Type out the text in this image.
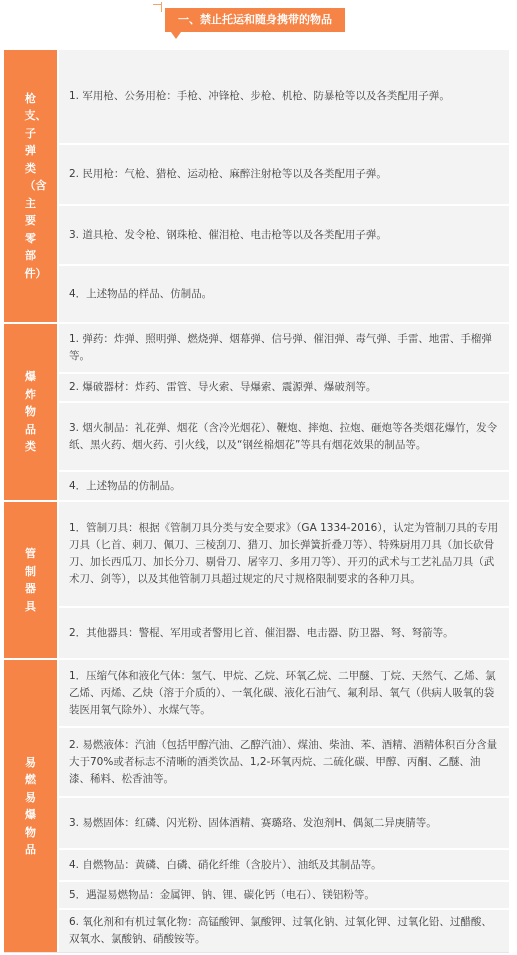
一、禁止托运和随身携带的物品
枪支、子弹类（含主要零部件）
1. 军用枪、公务用枪：手枪、冲锋枪、步枪、机枪、防暴枪等以及各类配用子弹。
2. 民用枪：气枪、猎枪、运动枪、麻醉注射枪等以及各类配用子弹。
3. 道具枪、发令枪、钢珠枪、催泪枪、电击枪等以及各类配用子弹。
4．上述物品的样品、仿制品。
爆炸物品类
1. 弹药：炸弹、照明弹、燃烧弹、烟幕弹、信号弹、催泪弹、毒气弹、手雷、地雷、手榴弹等。
2. 爆破器材：炸药、雷管、导火索、导爆索、震源弹、爆破剂等。
3. 烟火制品：礼花弹、烟花（含冷光烟花）、鞭炮、摔炮、拉炮、砸炮等各类烟花爆竹，发令纸、黑火药、烟火药、引火线，以及“钢丝棉烟花”等具有烟花效果的制品等。
4．上述物品的仿制品。
管制器具
1．管制刀具：根据《管制刀具分类与安全要求》（GA 1334-2016），认定为管制刀具的专用刀具（匕首、刺刀、佩刀、三棱刮刀、猎刀、加长弹簧折叠刀等）、特殊厨用刀具（加长砍骨刀、加长西瓜刀、加长分刀、剔骨刀、屠宰刀、多用刀等）、开刃的武术与工艺礼品刀具（武术刀、剑等），以及其他管制刀具超过规定的尺寸规格限制要求的各种刀具。
2．其他器具：警棍、军用或者警用匕首、催泪器、电击器、防卫器、弩、弩箭等。
易燃易爆物品
1．压缩气体和液化气体：氢气、甲烷、乙烷、环氧乙烷、二甲醚、丁烷、天然气、乙烯、氯乙烯、丙烯、乙炔（溶于介质的）、一氧化碳、液化石油气、氟利昂、氧气（供病人吸氧的袋装医用氧气除外）、水煤气等。
2. 易燃液体：汽油（包括甲醇汽油、乙醇汽油）、煤油、柴油、苯、酒精、酒精体积百分含量大于70%或者标志不清晰的酒类饮品、1,2-环氧丙烷、二硫化碳、甲醇、丙酮、乙醚、油漆、稀料、松香油等。
3. 易燃固体：红磷、闪光粉、固体酒精、赛璐珞、发泡剂H、偶氮二异庚腈等。
4. 自燃物品：黄磷、白磷、硝化纤维（含胶片）、油纸及其制品等。
5．遇湿易燃物品：金属钾、钠、锂、碳化钙（电石）、镁铝粉等。
6. 氧化剂和有机过氧化物：高锰酸钾、氯酸钾、过氧化钠、过氧化钾、过氧化铅、过醋酸、双氧水、氯酸钠、硝酸铵等。
